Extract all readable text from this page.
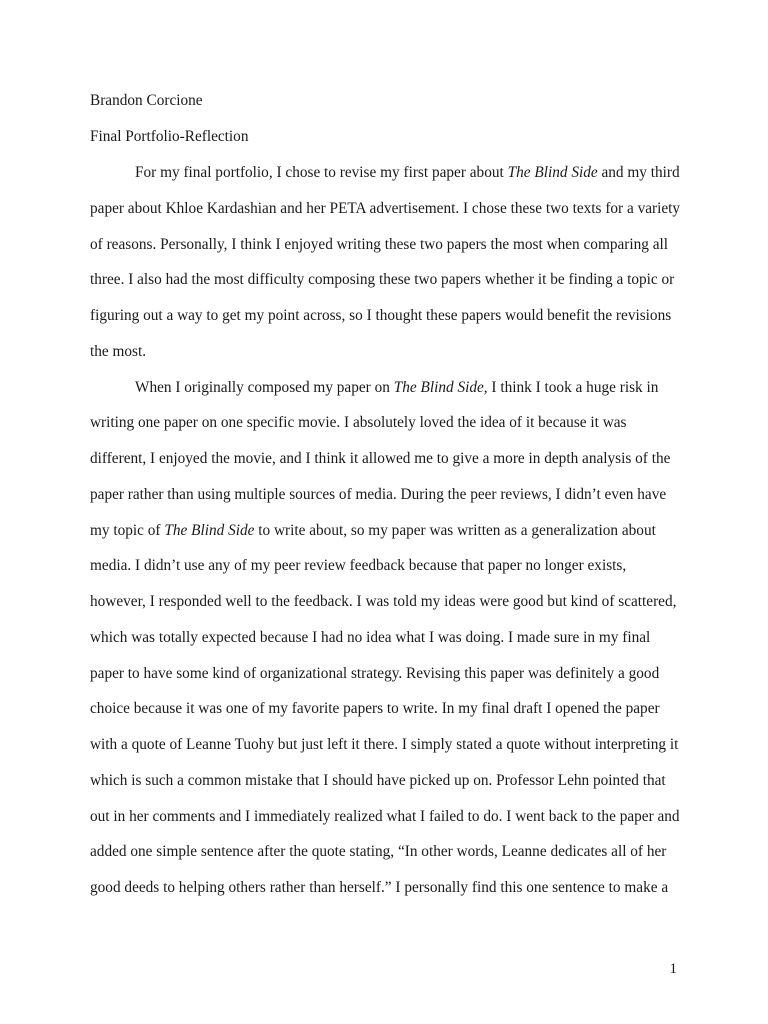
Brandon Corcione
Final Portfolio-Reflection
For my final portfolio, I chose to revise my first paper about The Blind Side and my third
paper about Khloe Kardashian and her PETA advertisement. I chose these two texts for a variety
of reasons. Personally, I think I enjoyed writing these two papers the most when comparing all
three. I also had the most difficulty composing these two papers whether it be finding a topic or
figuring out a way to get my point across, so I thought these papers would benefit the revisions
the most.
When I originally composed my paper on The Blind Side, I think I took a huge risk in
writing one paper on one specific movie. I absolutely loved the idea of it because it was
different, I enjoyed the movie, and I think it allowed me to give a more in depth analysis of the
paper rather than using multiple sources of media. During the peer reviews, I didn’t even have
my topic of The Blind Side to write about, so my paper was written as a generalization about
media. I didn’t use any of my peer review feedback because that paper no longer exists,
however, I responded well to the feedback. I was told my ideas were good but kind of scattered,
which was totally expected because I had no idea what I was doing. I made sure in my final
paper to have some kind of organizational strategy. Revising this paper was definitely a good
choice because it was one of my favorite papers to write. In my final draft I opened the paper
with a quote of Leanne Tuohy but just left it there. I simply stated a quote without interpreting it
which is such a common mistake that I should have picked up on. Professor Lehn pointed that
out in her comments and I immediately realized what I failed to do. I went back to the paper and
added one simple sentence after the quote stating, “In other words, Leanne dedicates all of her
good deeds to helping others rather than herself.” I personally find this one sentence to make a
1
